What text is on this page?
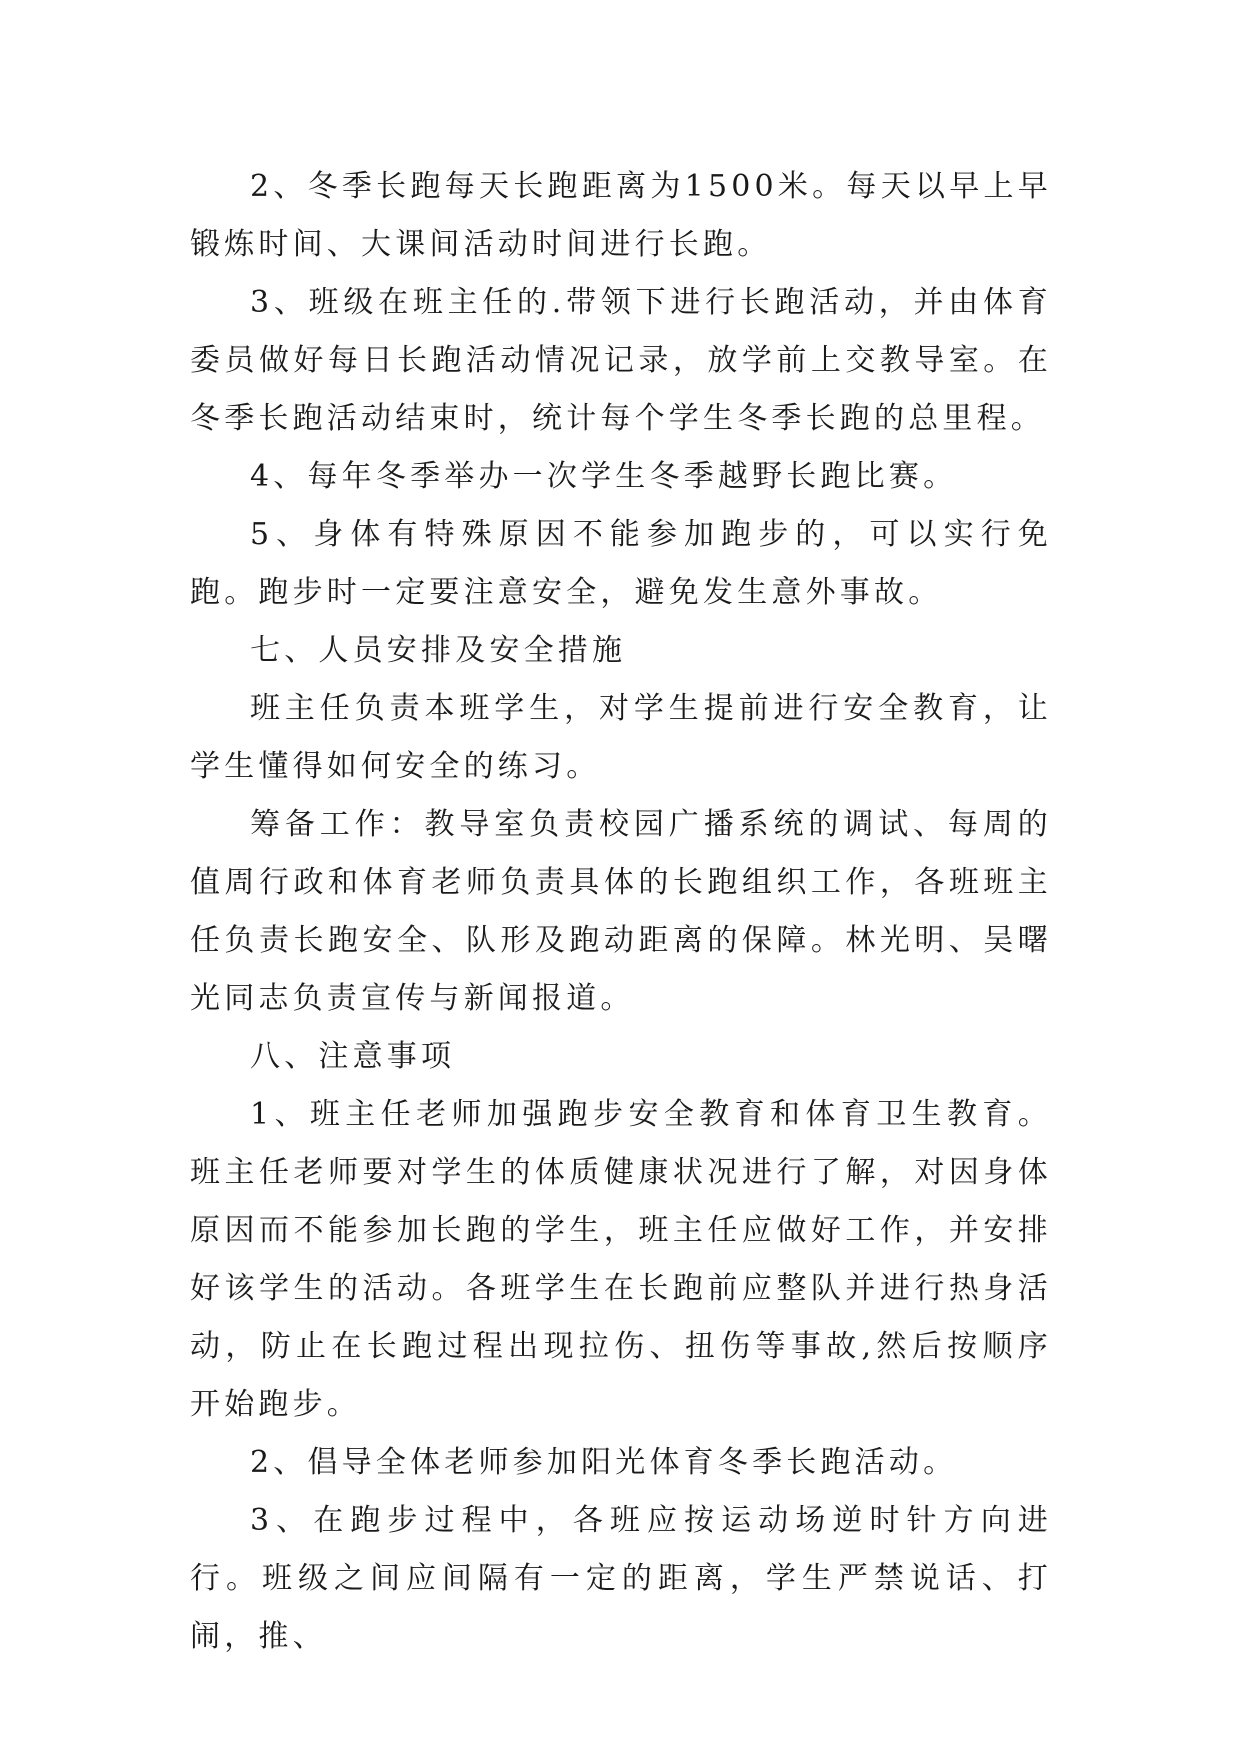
2、冬季长跑每天长跑距离为1500米。每天以早上早锻炼时间、大课间活动时间进行长跑。

3、班级在班主任的.带领下进行长跑活动，并由体育委员做好每日长跑活动情况记录，放学前上交教导室。在冬季长跑活动结束时，统计每个学生冬季长跑的总里程。

4、每年冬季举办一次学生冬季越野长跑比赛。

5、身体有特殊原因不能参加跑步的，可以实行免跑。跑步时一定要注意安全，避免发生意外事故。

七、人员安排及安全措施

班主任负责本班学生，对学生提前进行安全教育，让学生懂得如何安全的练习。

筹备工作：教导室负责校园广播系统的调试、每周的值周行政和体育老师负责具体的长跑组织工作，各班班主任负责长跑安全、队形及跑动距离的保障。林光明、吴曙光同志负责宣传与新闻报道。

八、注意事项

1、班主任老师加强跑步安全教育和体育卫生教育。班主任老师要对学生的体质健康状况进行了解，对因身体原因而不能参加长跑的学生，班主任应做好工作，并安排好该学生的活动。各班学生在长跑前应整队并进行热身活动，防止在长跑过程出现拉伤、扭伤等事故,然后按顺序开始跑步。

2、倡导全体老师参加阳光体育冬季长跑活动。

3、在跑步过程中，各班应按运动场逆时针方向进行。班级之间应间隔有一定的距离，学生严禁说话、打闹，推、
